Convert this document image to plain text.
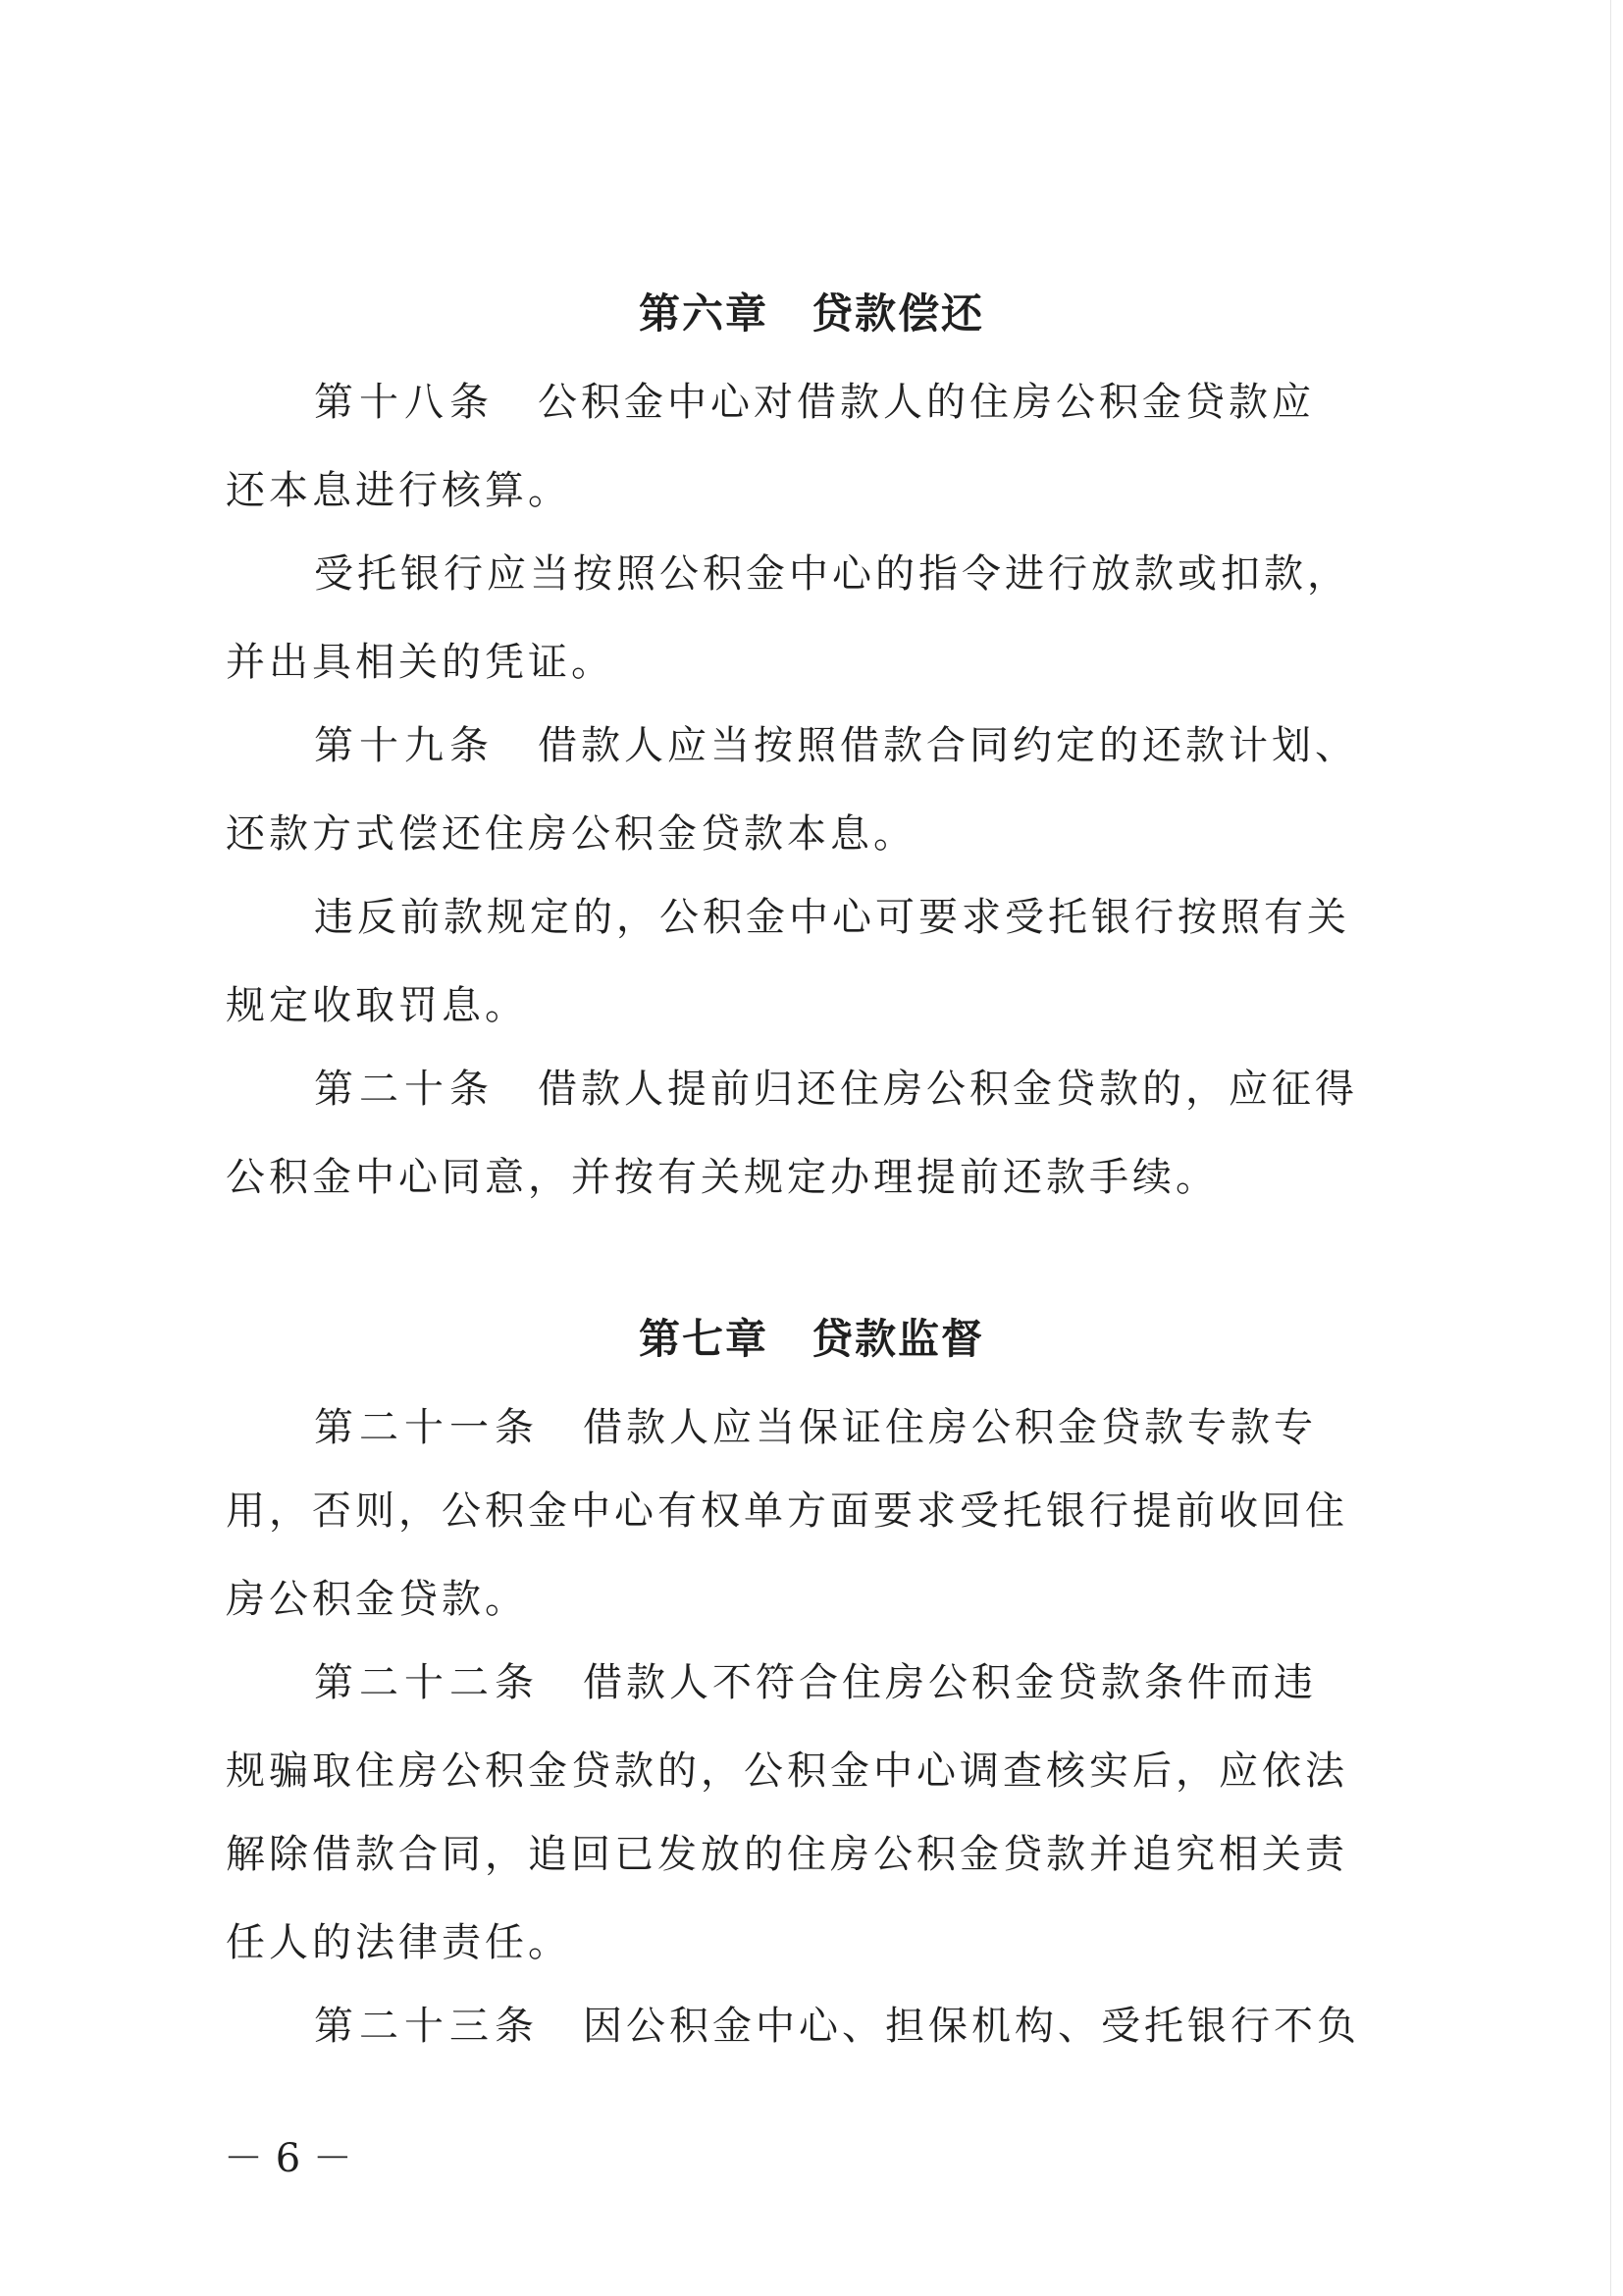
第六章　贷款偿还
第十八条 公积金中心对借款人的住房公积金贷款应
还本息进行核算。
受托银行应当按照公积金中心的指令进行放款或扣款，
并出具相关的凭证。
第十九条 借款人应当按照借款合同约定的还款计划、
还款方式偿还住房公积金贷款本息。
违反前款规定的，公积金中心可要求受托银行按照有关
规定收取罚息。
第二十条 借款人提前归还住房公积金贷款的，应征得
公积金中心同意，并按有关规定办理提前还款手续。
第七章　贷款监督
第二十一条 借款人应当保证住房公积金贷款专款专
用，否则，公积金中心有权单方面要求受托银行提前收回住
房公积金贷款。
第二十二条 借款人不符合住房公积金贷款条件而违
规骗取住房公积金贷款的，公积金中心调查核实后，应依法
解除借款合同，追回已发放的住房公积金贷款并追究相关责
任人的法律责任。
第二十三条 因公积金中心、担保机构、受托银行不负
－ 6 －
